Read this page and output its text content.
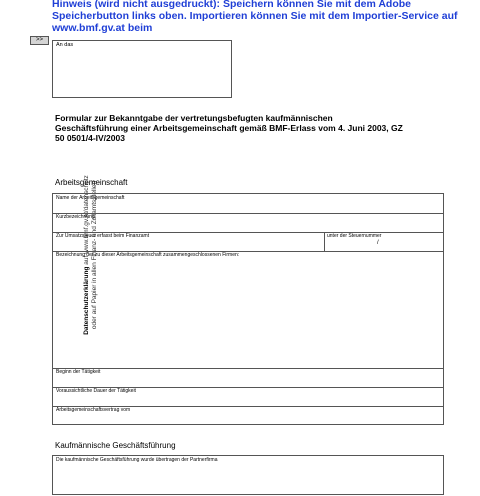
Hinweis (wird nicht ausgedruckt): Speichern können Sie mit dem Adobe Speicherbutton links oben. Importieren können Sie mit dem Importier-Service auf www.bmf.gv.at beim
>>
Datenschutzerklärung auf www.bmf.gv.at/datenschutz
oder auf Papier in allen Finanz- und Zollamtsstellen
An das
Formular zur Bekanntgabe der vertretungsbefugten kaufmännischen Geschäftsführung einer Arbeitsgemeinschaft gemäß BMF-Erlass vom 4. Juni 2003, GZ 50 0501/4-IV/2003
Arbeitsgemeinschaft
Name der Arbeitsgemeinschaft
Kurzbezeichnung
Zur Umsatzsteuer erfasst beim Finanzamt	unter der Steuernummer
/
Bezeichnung der zu dieser Arbeitsgemeinschaft zusammengeschlossenen Firmen:
Beginn der Tätigkeit
Voraussichtliche Dauer der Tätigkeit
Arbeitsgemeinschaftsvertrag vom
Kaufmännische Geschäftsführung
Die kaufmännische Geschäftsführung wurde übertragen der Partnerfirma
